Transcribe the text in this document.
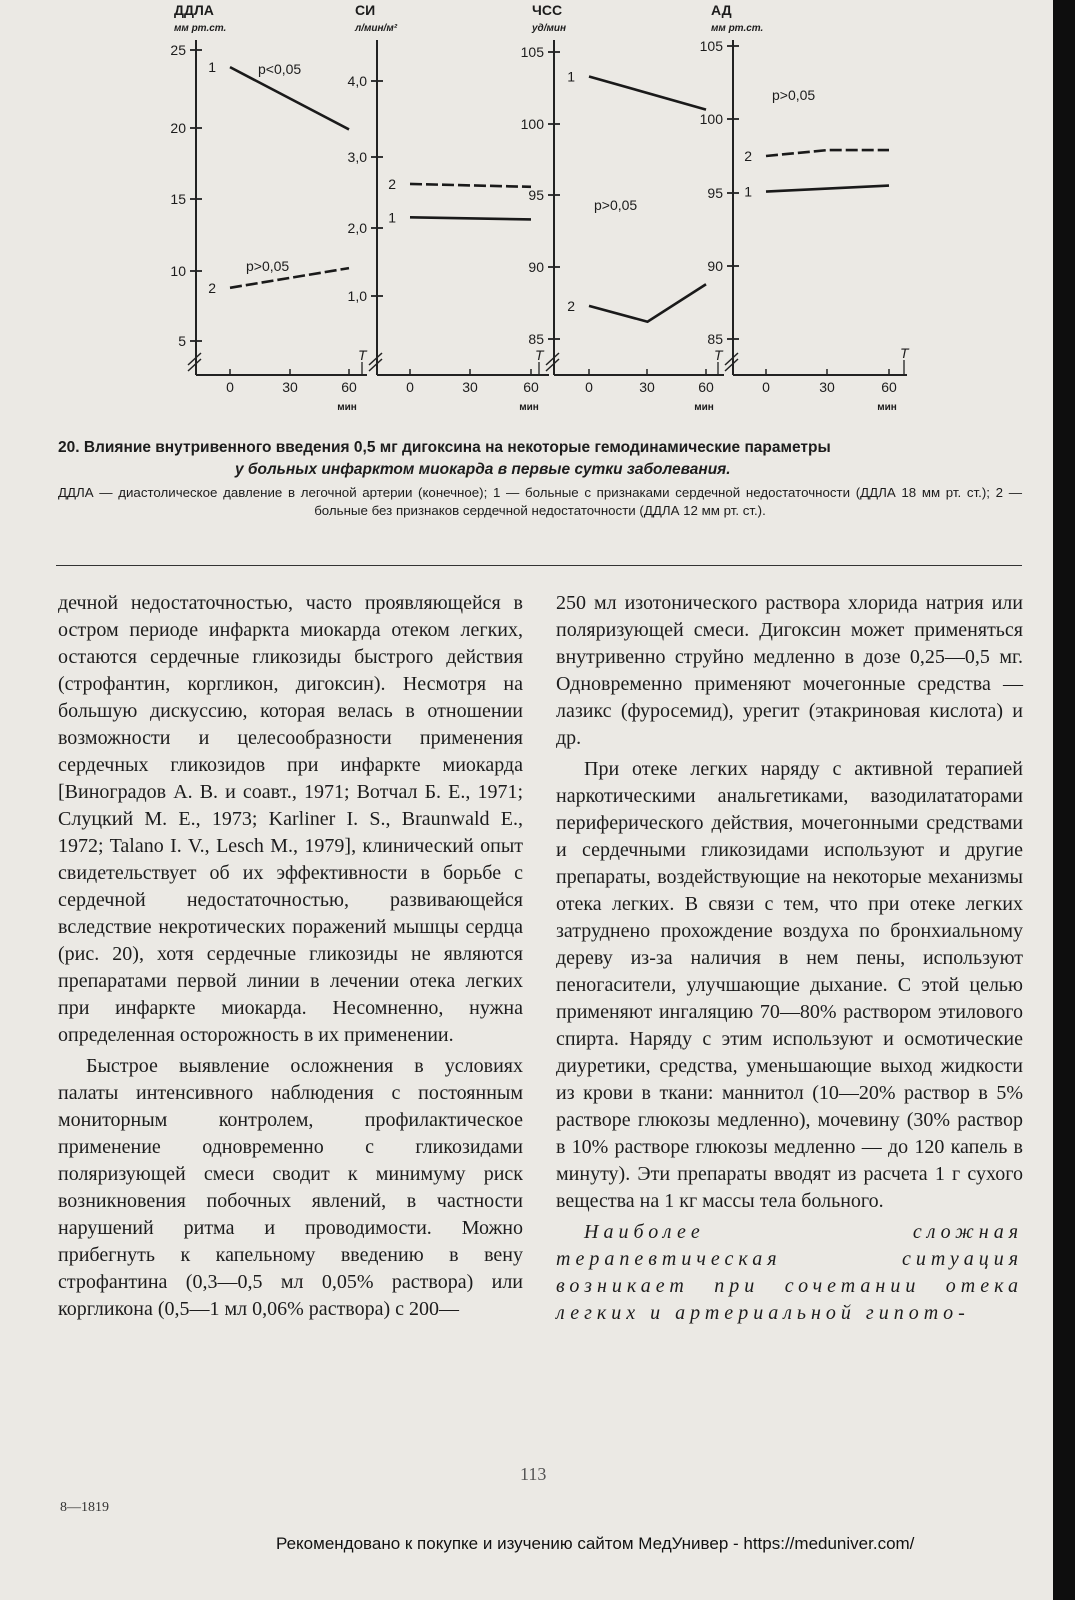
ДДЛА
мм рт.ст.
25
20
15
10
5
0	30	60
мин
T
p<0,05
p>0,05
1
2
СИ
л/мин/м²
4,0
3,0
2,0
1,0
0	30	60
мин
T
1
2
ЧСС
уд/мин
105
100
95
90
85
0	30	60
мин
T
p>0,05
1
2
АД
мм рт.ст.
105
100
95
90
85
0	30	60
мин
T
p>0,05
1
2
20. Влияние внутривенного введения 0,5 мг дигоксина на некоторые гемодинамические параметры
у больных инфарктом миокарда в первые сутки заболевания.
ДДЛА — диастолическое давление в легочной артерии (конечное); 1 — больные с признаками сердечной недостаточности (ДДЛА 18 мм рт. ст.); 2 — больные без признаков сердечной недостаточности (ДДЛА 12 мм рт. ст.).

дечной недостаточностью, часто проявляющейся в остром периоде инфаркта миокарда отеком легких, остаются сердечные гликозиды быстрого действия (строфантин, коргликон, дигоксин). Несмотря на большую дискуссию, которая велась в отношении возможности и целесообразности применения сердечных гликозидов при инфаркте миокарда [Виноградов А. В. и соавт., 1971; Вотчал Б. Е., 1971; Слуцкий М. Е., 1973; Karliner I. S., Braunwald E., 1972; Talano I. V., Lesch M., 1979], клинический опыт свидетельствует об их эффективности в борьбе с сердечной недостаточностью, развивающейся вследствие некротических поражений мышцы сердца (рис. 20), хотя сердечные гликозиды не являются препаратами первой линии в лечении отека легких при инфаркте миокарда. Несомненно, нужна определенная осторожность в их применении.

Быстрое выявление осложнения в условиях палаты интенсивного наблюдения с постоянным мониторным контролем, профилактическое применение одновременно с гликозидами поляризующей смеси сводит к минимуму риск возникновения побочных явлений, в частности нарушений ритма и проводимости. Можно прибегнуть к капельному введению в вену строфантина (0,3—0,5 мл 0,05% раствора) или коргликона (0,5—1 мл 0,06% раствора) с 200—

250 мл изотонического раствора хлорида натрия или поляризующей смеси. Дигоксин может применяться внутривенно струйно медленно в дозе 0,25—0,5 мг. Одновременно применяют мочегонные средства — лазикс (фуросемид), урегит (этакриновая кислота) и др.

При отеке легких наряду с активной терапией наркотическими анальгетиками, вазодилататорами периферического действия, мочегонными средствами и сердечными гликозидами используют и другие препараты, воздействующие на некоторые механизмы отека легких. В связи с тем, что при отеке легких затруднено прохождение воздуха по бронхиальному дереву из-за наличия в нем пены, используют пеногасители, улучшающие дыхание. С этой целью применяют ингаляцию 70—80% раствором этилового спирта. Наряду с этим используют и осмотические диуретики, средства, уменьшающие выход жидкости из крови в ткани: маннитол (10—20% раствор в 5% растворе глюкозы медленно), мочевину (30% раствор в 10% растворе глюкозы медленно — до 120 капель в минуту). Эти препараты вводят из расчета 1 г сухого вещества на 1 кг массы тела больного.

Наиболее сложная терапевтическая ситуация возникает при сочетании отека легких и артериальной гипото-

113
8—1819
Рекомендовано к покупке и изучению сайтом МедУнивер - https://meduniver.com/
